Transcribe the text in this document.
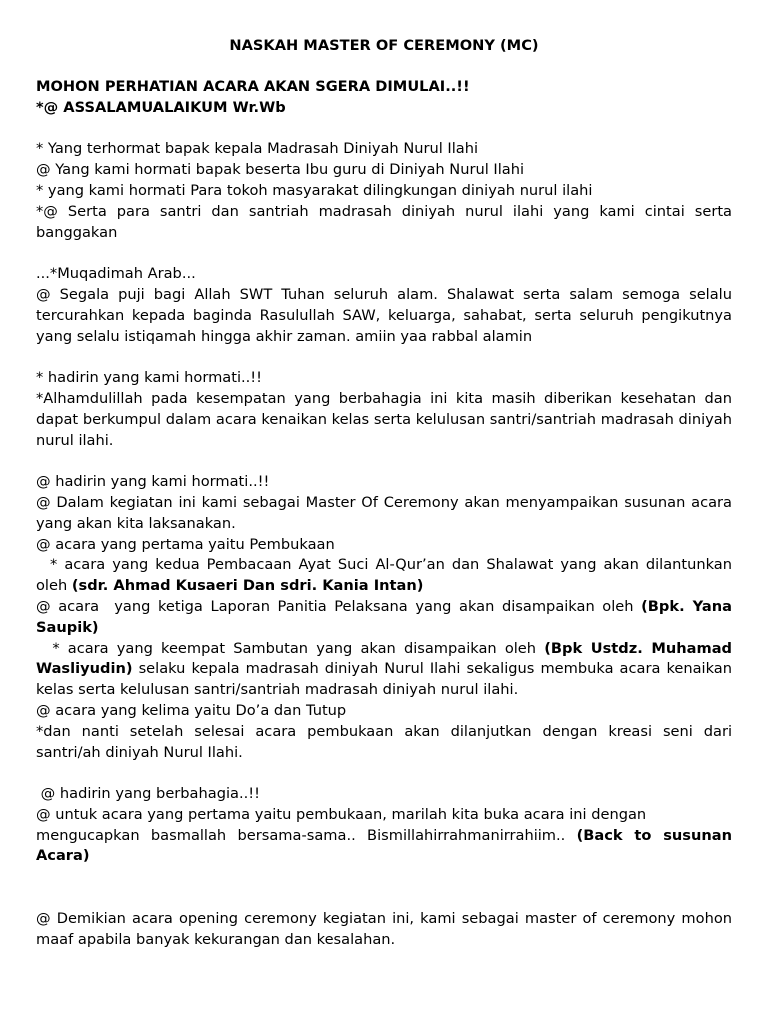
NASKAH MASTER OF CEREMONY (MC)

MOHON PERHATIAN ACARA AKAN SGERA DIMULAI..!!

*@ ASSALAMUALAIKUM Wr.Wb

* Yang terhormat bapak kepala Madrasah Diniyah Nurul Ilahi

@ Yang kami hormati bapak beserta Ibu guru di Diniyah Nurul Ilahi

* yang kami hormati Para tokoh masyarakat dilingkungan diniyah nurul ilahi

*@ Serta para santri dan santriah madrasah diniyah nurul ilahi yang kami cintai serta banggakan

...*Muqadimah Arab...

@ Segala puji bagi Allah SWT Tuhan seluruh alam. Shalawat serta salam semoga selalu tercurahkan kepada baginda Rasulullah SAW, keluarga, sahabat, serta seluruh pengikutnya yang selalu istiqamah hingga akhir zaman. amiin yaa rabbal alamin

* hadirin yang kami hormati..!!

*Alhamdulillah pada kesempatan yang berbahagia ini kita masih diberikan kesehatan dan dapat berkumpul dalam acara kenaikan kelas serta kelulusan santri/santriah madrasah diniyah nurul ilahi.

@ hadirin yang kami hormati..!!

@ Dalam kegiatan ini kami sebagai Master Of Ceremony akan menyampaikan susunan acara yang akan kita laksanakan.

@ acara yang pertama yaitu Pembukaan

* acara yang kedua Pembacaan Ayat Suci Al-Qur’an dan Shalawat yang akan dilantunkan oleh (sdr. Ahmad Kusaeri Dan sdri. Kania Intan)

@ acara  yang ketiga Laporan Panitia Pelaksana yang akan disampaikan oleh (Bpk. Yana Saupik)

* acara yang keempat Sambutan yang akan disampaikan oleh (Bpk Ustdz. Muhamad Wasliyudin) selaku kepala madrasah diniyah Nurul Ilahi sekaligus membuka acara kenaikan kelas serta kelulusan santri/santriah madrasah diniyah nurul ilahi.

@ acara yang kelima yaitu Do’a dan Tutup

*dan nanti setelah selesai acara pembukaan akan dilanjutkan dengan kreasi seni dari santri/ah diniyah Nurul Ilahi.

@ hadirin yang berbahagia..!!

@ untuk acara yang pertama yaitu pembukaan, marilah kita buka acara ini dengan

mengucapkan basmallah bersama-sama.. Bismillahirrahmanirrahiim.. (Back to susunan Acara)

@ Demikian acara opening ceremony kegiatan ini, kami sebagai master of ceremony mohon maaf apabila banyak kekurangan dan kesalahan.
